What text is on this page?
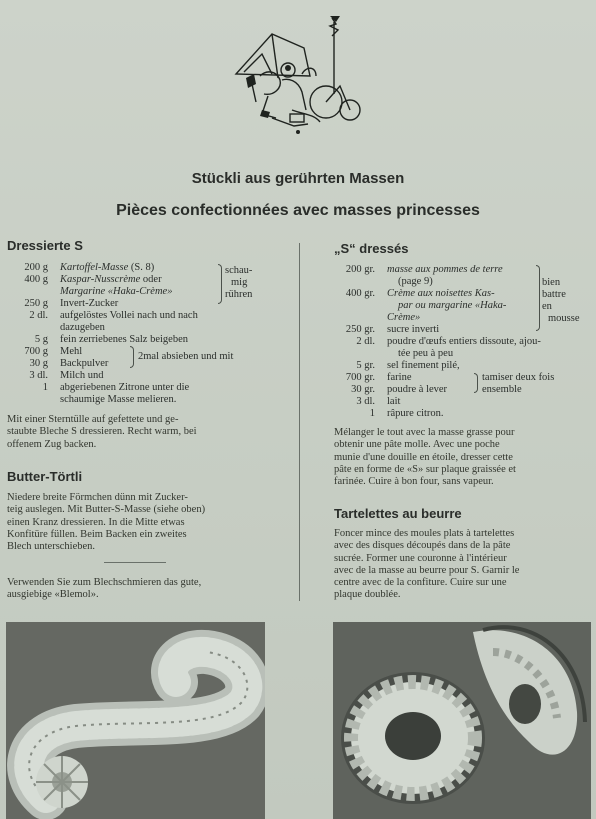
Stückli aus gerührten Massen
Pièces confectionnées avec masses princesses
Dressierte S
200 g Kartoffel-Masse (S. 8)
400 g Kaspar-Nusscrème oder
Margarine «Haka-Crème»
250 g Invert-Zucker
2 dl. aufgelöstes Vollei nach und nach
dazugeben
5 g fein zerriebenes Salz beigeben
700 g Mehl
30 g Backpulver
3 dl. Milch und
1 abgeriebenen Zitrone unter die
schaumige Masse melieren.
schau-
mig
rühren
2mal absieben und mit
Mit einer Sterntülle auf gefettete und ge-
staubte Bleche S dressieren. Recht warm, bei
offenem Zug backen.
Butter-Törtli
Niedere breite Förmchen dünn mit Zucker-
teig auslegen. Mit Butter-S-Masse (siehe oben)
einen Kranz dressieren. In die Mitte etwas
Konfitüre füllen. Beim Backen ein zweites
Blech unterschieben.
Verwenden Sie zum Blechschmieren das gute,
ausgiebige «Blemol».
„S“ dressés
200 gr. masse aux pommes de terre
(page 9)
400 gr. Crème aux noisettes Kas-
par ou margarine «Haka-
Crème»
250 gr. sucre inverti
2 dl. poudre d'œufs entiers dissoute, ajou-
tée peu à peu
5 gr. sel finement pilé,
700 gr. farine
30 gr. poudre à lever
3 dl. lait
1 râpure citron.
bien
battre
en
mousse
tamiser deux fois
ensemble
Mélanger le tout avec la masse grasse pour
obtenir une pâte molle. Avec une poche
munie d'une douille en étoile, dresser cette
pâte en forme de «S» sur plaque graissée et
farinée. Cuire à bon four, sans vapeur.
Tartelettes au beurre
Foncer mince des moules plats à tartelettes
avec des disques découpés dans de la pâte
sucrée. Former une couronne à l'intérieur
avec de la masse au beurre pour S. Garnir le
centre avec de la confiture. Cuire sur une
plaque doublée.
